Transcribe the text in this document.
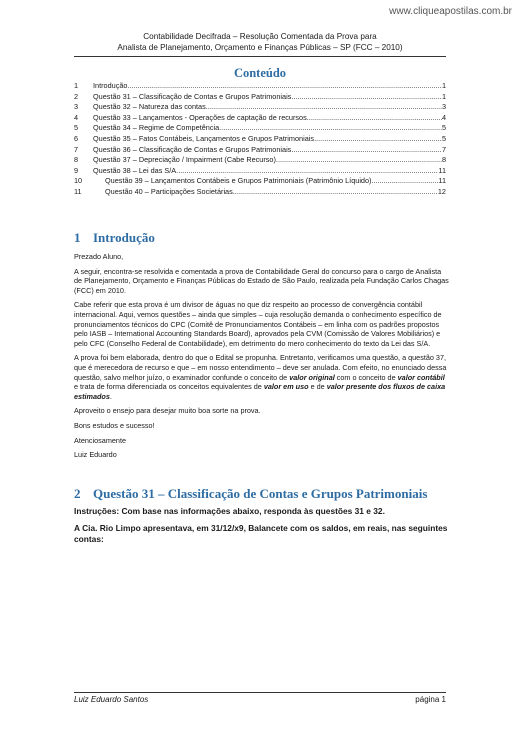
www.cliqueapostilas.com.br
Contabilidade Decifrada – Resolução Comentada da Prova para
Analista de Planejamento, Orçamento e Finanças Públicas – SP (FCC – 2010)
Conteúdo
1	Introdução .....	1
2	Questão 31 – Classificação de Contas e Grupos Patrimoniais .....	1
3	Questão 32 – Natureza das contas .....	3
4	Questão 33 – Lançamentos - Operações de captação de recursos .....	4
5	Questão 34 – Regime de Competência .....	5
6	Questão 35 – Fatos Contábeis, Lançamentos e Grupos Patrimoniais .....	5
7	Questão 36 – Classificação de Contas e Grupos Patrimoniais .....	7
8	Questão 37 – Depreciação / Impairment (Cabe Recurso) .....	8
9	Questão 38 – Lei das S/A .....	11
10	Questão 39 – Lançamentos Contábeis e Grupos Patrimoniais (Patrimônio Líquido) .....	11
11	Questão 40 – Participações Societárias .....	12
1 Introdução

Prezado Aluno,

A seguir, encontra-se resolvida e comentada a prova de Contabilidade Geral do concurso para o cargo de Analista de Planejamento, Orçamento e Finanças Públicas do Estado de São Paulo, realizada pela Fundação Carlos Chagas (FCC) em 2010.

Cabe referir que esta prova é um divisor de águas no que diz respeito ao processo de convergência contábil internacional. Aqui, vemos questões – ainda que simples – cuja resolução demanda o conhecimento específico de pronunciamentos técnicos do CPC (Comitê de Pronunciamentos Contábeis – em linha com os padrões propostos pelo IASB – International Accounting Standards Board), aprovados pela CVM (Comissão de Valores Mobiliários) e pelo CFC (Conselho Federal de Contabilidade), em detrimento do mero conhecimento do texto da Lei das S/A.

A prova foi bem elaborada, dentro do que o Edital se propunha. Entretanto, verificamos uma questão, a questão 37, que é merecedora de recurso e que – em nosso entendimento – deve ser anulada. Com efeito, no enunciado dessa questão, salvo melhor juízo, o examinador confunde o conceito de valor original com o conceito de valor contábil e trata de forma diferenciada os conceitos equivalentes de valor em uso e de valor presente dos fluxos de caixa estimados.

Aproveito o ensejo para desejar muito boa sorte na prova.

Bons estudos e sucesso!

Atenciosamente

Luiz Eduardo

2 Questão 31 – Classificação de Contas e Grupos Patrimoniais

Instruções: Com base nas informações abaixo, responda às questões 31 e 32.

A Cia. Rio Limpo apresentava, em 31/12/x9, Balancete com os saldos, em reais, nas seguintes contas:

Luiz Eduardo Santos	página 1
